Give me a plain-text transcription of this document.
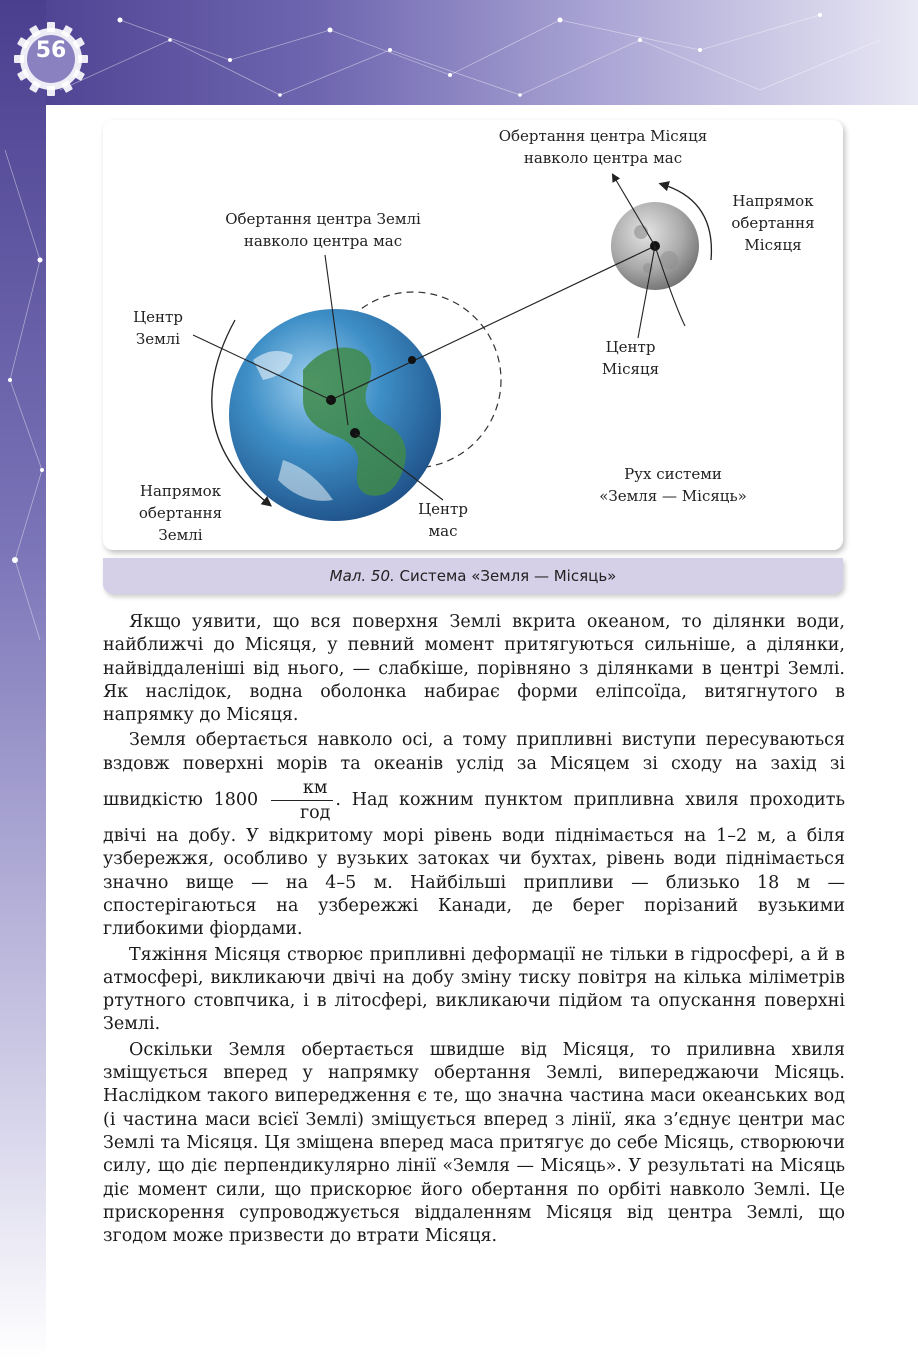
56
Обертання центра Місяця
навколо центра мас
Обертання центра Землі
навколо центра мас
Напрямок
обертання
Місяця
Центр
Землі	Центр
Місяця
Рух системи
«Земля — Місяць»
Напрямок
обертання
Землі
Центр
мас
Мал. 50. Система «Земля — Місяць»

Якщо уявити, що вся поверхня Землі вкрита океаном, то ділянки води, найближчі до Місяця, у певний момент притягуються сильніше, а ділянки, найвіддаленіші від нього, — слабкіше, порівняно з ділянками в центрі Землі. Як наслідок, водна оболонка набирає форми еліпсоїда, витягнутого в напрямку до Місяця.

Земля обертається навколо осі, а тому припливні виступи пересуваються вздовж поверхні морів та океанів услід за Місяцем зі сходу на захід зі швидкістю $1800 \frac{км}{\text{год}}$ . Над кожним пунктом припливна хвиля проходить двічі на добу. У відкритому морі рівень води піднімається на 1–2 м, а біля узбережжя, особливо у вузьких затоках чи бухтах, рівень води піднімається значно вище — на 4–5 м. Найбільші припливи — близько 18 м — спостерігаються на узбережжі Канади, де берег порізаний вузькими глибокими фіордами.

Тяжіння Місяця створює припливні деформації не тільки в гідросфері, а й в атмосфері, викликаючи двічі на добу зміну тиску повітря на кілька міліметрів ртутного стовпчика, і в літосфері, викликаючи підйом та опускання поверхні Землі.

Оскільки Земля обертається швидше від Місяця, то приливна хвиля зміщується вперед у напрямку обертання Землі, випереджаючи Місяць. Наслідком такого випередження є те, що значна частина маси океанських вод (і частина маси всієї Землі) зміщується вперед з лінії, яка з’єднує центри мас Землі та Місяця. Ця зміщена вперед маса притягує до себе Місяць, створюючи силу, що діє перпендикулярно лінії «Земля — Місяць». У результаті на Місяць діє момент сили, що прискорює його обертання по орбіті навколо Землі. Це прискорення супроводжується віддаленням Місяця від центра Землі, що згодом може призвести до втрати Місяця.
